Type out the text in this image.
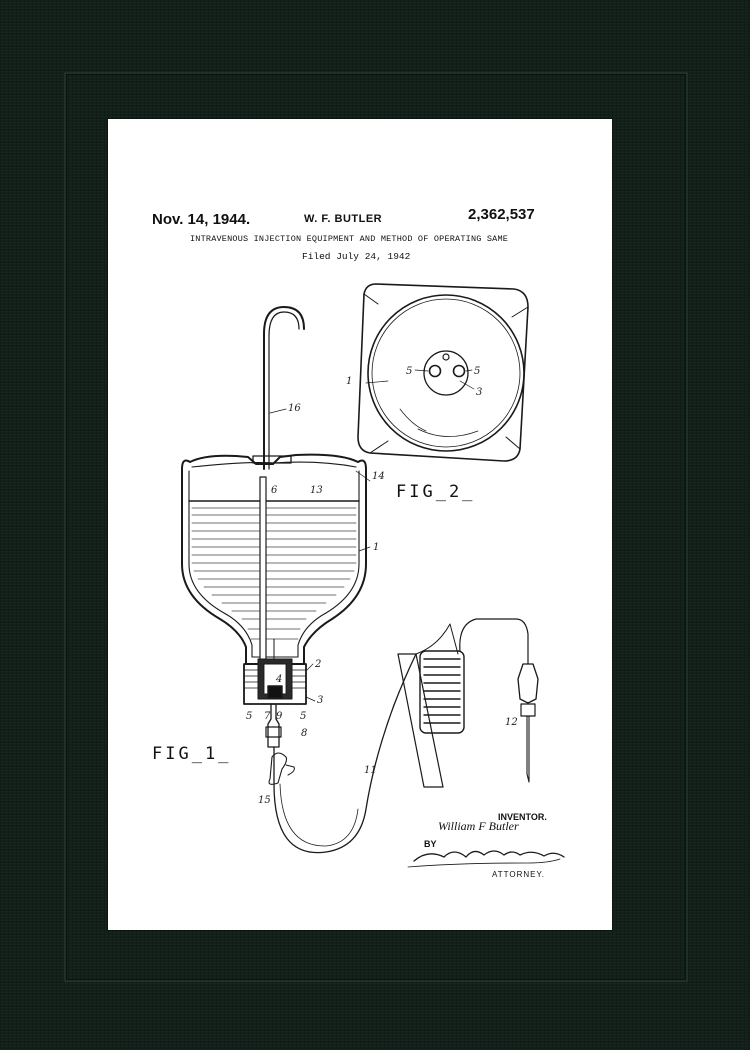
Nov. 14, 1944.	W. F. BUTLER	2,362,537
INTRAVENOUS INJECTION EQUIPMENT AND METHOD OF OPERATING SAME
Filed July 24, 1942
16
6	13
14
1
2
3
4
5 7 9 5
8
15
11
12
1
5	5
3
FIG_1_
FIG_2_
INVENTOR.
William F Butler
BY
ATTORNEY.
